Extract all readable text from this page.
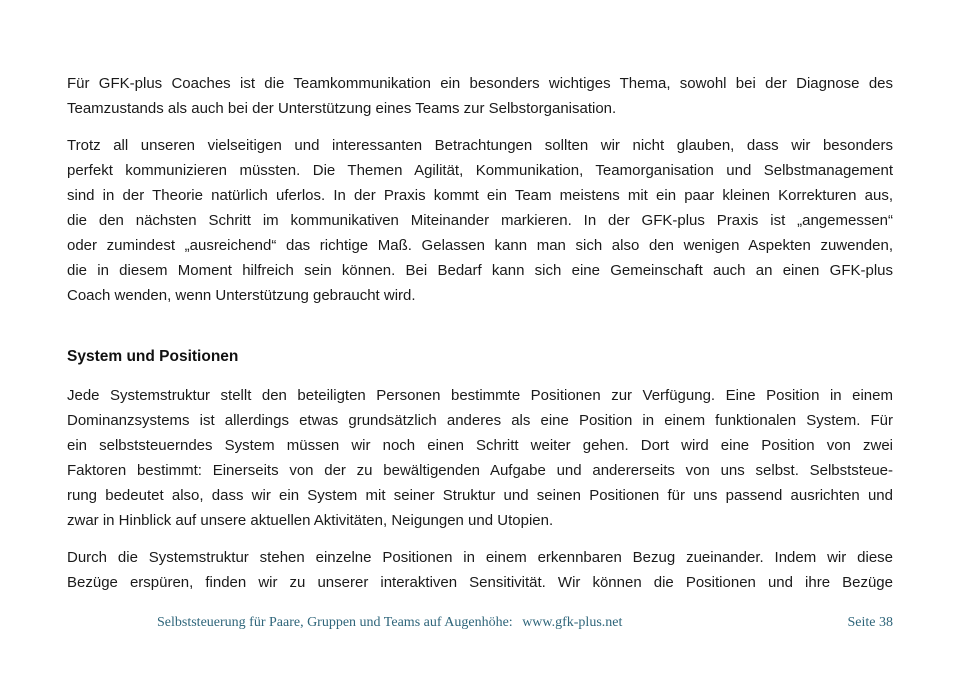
Für GFK-plus Coaches ist die Teamkommunikation ein besonders wichtiges Thema, sowohl bei der Diagnose des
Teamzustands als auch bei der Unterstützung eines Teams zur Selbstorganisation.
Trotz all unseren vielseitigen und interessanten Betrachtungen sollten wir nicht glauben, dass wir besonders
perfekt kommunizieren müssten. Die Themen Agilität, Kommunikation, Teamorganisation und Selbstmanagement
sind in der Theorie natürlich uferlos. In der Praxis kommt ein Team meistens mit ein paar kleinen Korrekturen aus,
die den nächsten Schritt im kommunikativen Miteinander markieren. In der GFK-plus Praxis ist „angemessen“
oder zumindest „ausreichend“ das richtige Maß. Gelassen kann man sich also den wenigen Aspekten zuwenden,
die in diesem Moment hilfreich sein können. Bei Bedarf kann sich eine Gemeinschaft auch an einen GFK-plus
Coach wenden, wenn Unterstützung gebraucht wird.
System und Positionen
Jede Systemstruktur stellt den beteiligten Personen bestimmte Positionen zur Verfügung. Eine Position in einem
Dominanzsystems ist allerdings etwas grundsätzlich anderes als eine Position in einem funktionalen System. Für
ein selbststeuerndes System müssen wir noch einen Schritt weiter gehen. Dort wird eine Position von zwei
Faktoren bestimmt: Einerseits von der zu bewältigenden Aufgabe und andererseits von uns selbst. Selbststeue-
rung bedeutet also, dass wir ein System mit seiner Struktur und seinen Positionen für uns passend ausrichten und
zwar in Hinblick auf unsere aktuellen Aktivitäten, Neigungen und Utopien.
Durch die Systemstruktur stehen einzelne Positionen in einem erkennbaren Bezug zueinander. Indem wir diese
Bezüge erspüren, finden wir zu unserer interaktiven Sensitivität. Wir können die Positionen und ihre Bezüge
Selbststeuerung für Paare, Gruppen und Teams auf Augenhöhe: www.gfk-plus.net	Seite 38
